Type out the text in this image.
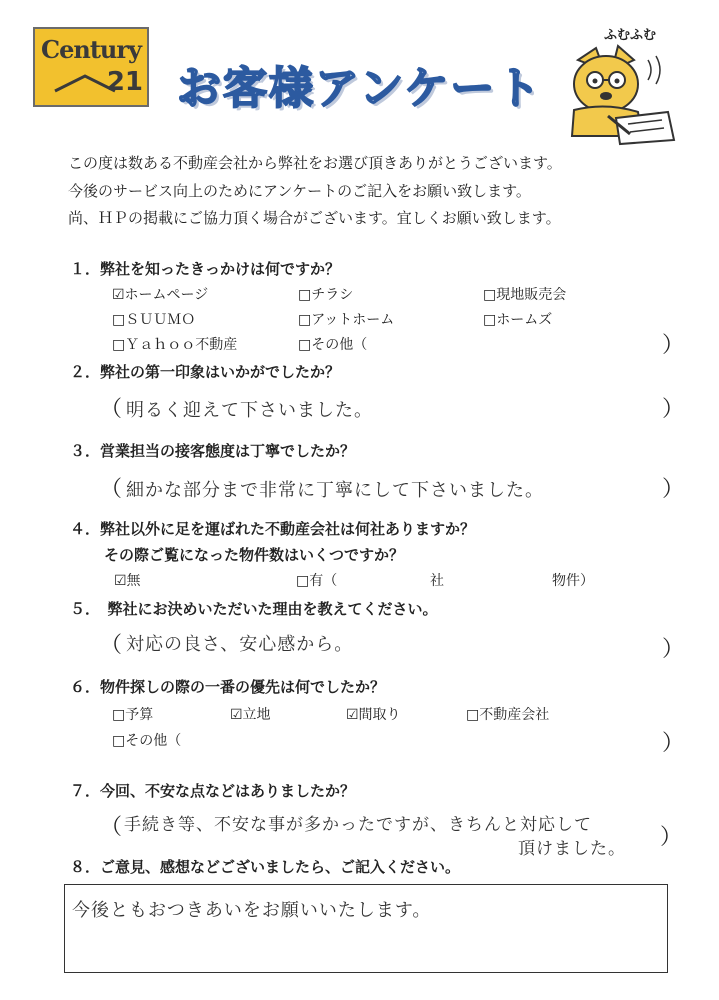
Century
21 お客様アンケート
ふむふむ
この度は数ある不動産会社から弊社をお選び頂きありがとうございます。
今後のサービス向上のためにアンケートのご記入をお願い致します。
尚、ＨＰの掲載にご協力頂く場合がございます。宜しくお願い致します。
１．弊社を知ったきっかけは何ですか？
☑ホームページ	□チラシ	□現地販売会
□ＳＵＵＭＯ	□アットホーム	□ホームズ
□Ｙａｈｏｏ不動産	□その他（	）
２．弊社の第一印象はいかがでしたか？
（ 明るく迎えて下さいました。	）
３．営業担当の接客態度は丁寧でしたか？
（ 細かな部分まで非常に丁寧にして下さいました。	）
４．弊社以外に足を運ばれた不動産会社は何社ありますか？
その際ご覧になった物件数はいくつですか？
☑無	□有（	社	物件）
５．　弊社にお決めいただいた理由を教えてください。
（ 対応の良さ、安心感から。	）
６．物件探しの際の一番の優先は何でしたか？
□予算	☑立地	☑間取り	□不動産会社
□その他（	）
７．今回、不安な点などはありましたか？
（ 手続き等、不安な事が多かったですが、きちんと対応して
頂けました。 ）
８．ご意見、感想などございましたら、ご記入ください。
今後ともおつきあいをお願いいたします。
